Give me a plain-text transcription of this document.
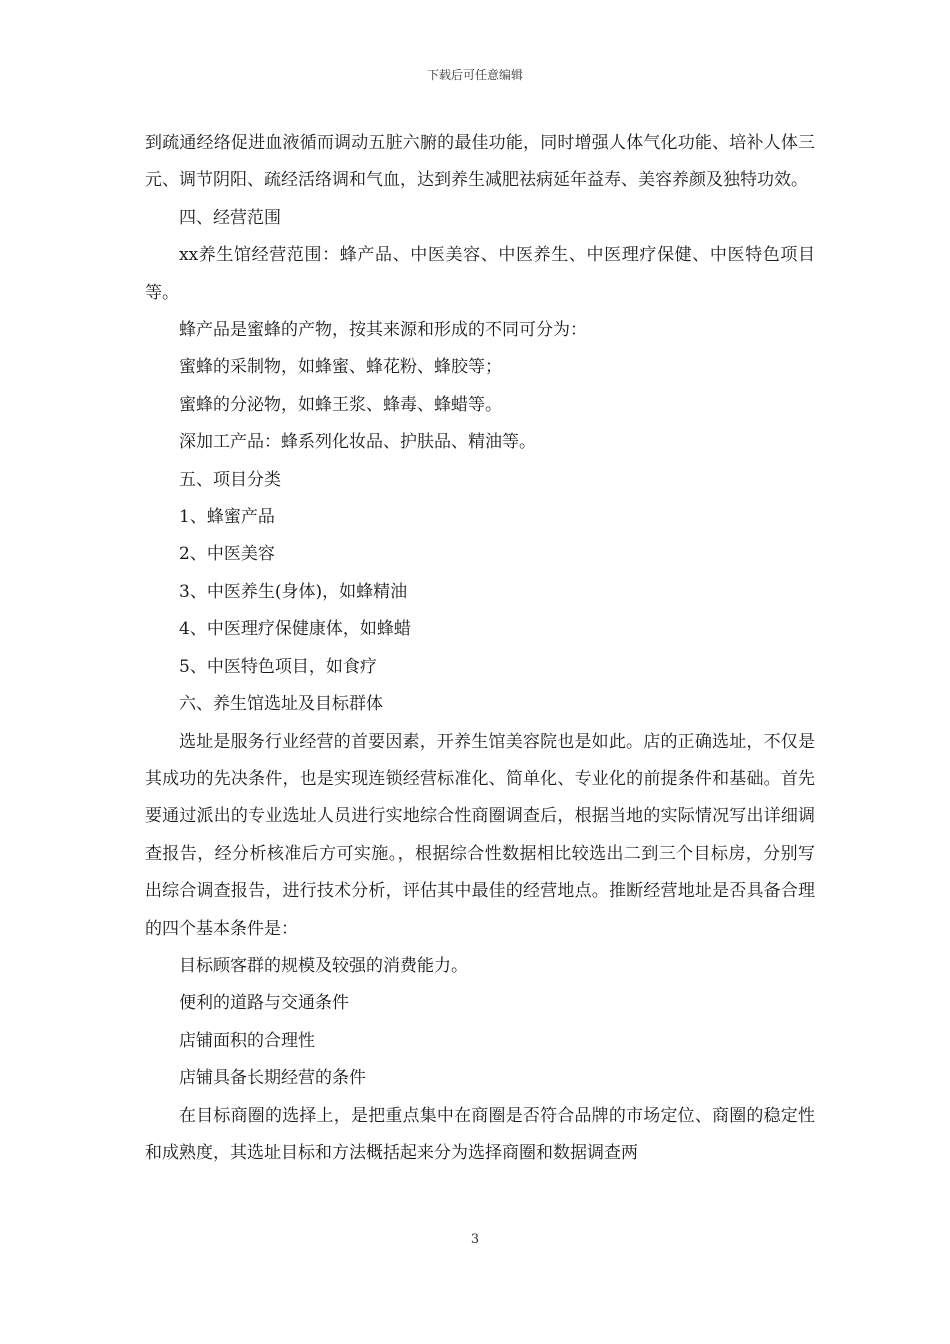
下载后可任意编辑

到疏通经络促进血液循而调动五脏六腑的最佳功能，同时增强人体气化功能、培补人体三元、调节阴阳、疏经活络调和气血，达到养生减肥祛病延年益寿、美容养颜及独特功效。

四、经营范围

xx养生馆经营范围：蜂产品、中医美容、中医养生、中医理疗保健、中医特色项目等。

蜂产品是蜜蜂的产物，按其来源和形成的不同可分为：

蜜蜂的采制物，如蜂蜜、蜂花粉、蜂胶等；

蜜蜂的分泌物，如蜂王浆、蜂毒、蜂蜡等。

深加工产品：蜂系列化妆品、护肤品、精油等。

五、项目分类

1、蜂蜜产品

2、中医美容

3、中医养生(身体)，如蜂精油

4、中医理疗保健康体，如蜂蜡

5、中医特色项目，如食疗

六、养生馆选址及目标群体

选址是服务行业经营的首要因素，开养生馆美容院也是如此。店的正确选址，不仅是其成功的先决条件，也是实现连锁经营标准化、简单化、专业化的前提条件和基础。首先要通过派出的专业选址人员进行实地综合性商圈调查后，根据当地的实际情况写出详细调查报告，经分析核准后方可实施。，根据综合性数据相比较选出二到三个目标房，分别写出综合调查报告，进行技术分析，评估其中最佳的经营地点。推断经营地址是否具备合理的四个基本条件是：

目标顾客群的规模及较强的消费能力。

便利的道路与交通条件

店铺面积的合理性

店铺具备长期经营的条件

在目标商圈的选择上，是把重点集中在商圈是否符合品牌的市场定位、商圈的稳定性和成熟度，其选址目标和方法概括起来分为选择商圈和数据调查两

3
